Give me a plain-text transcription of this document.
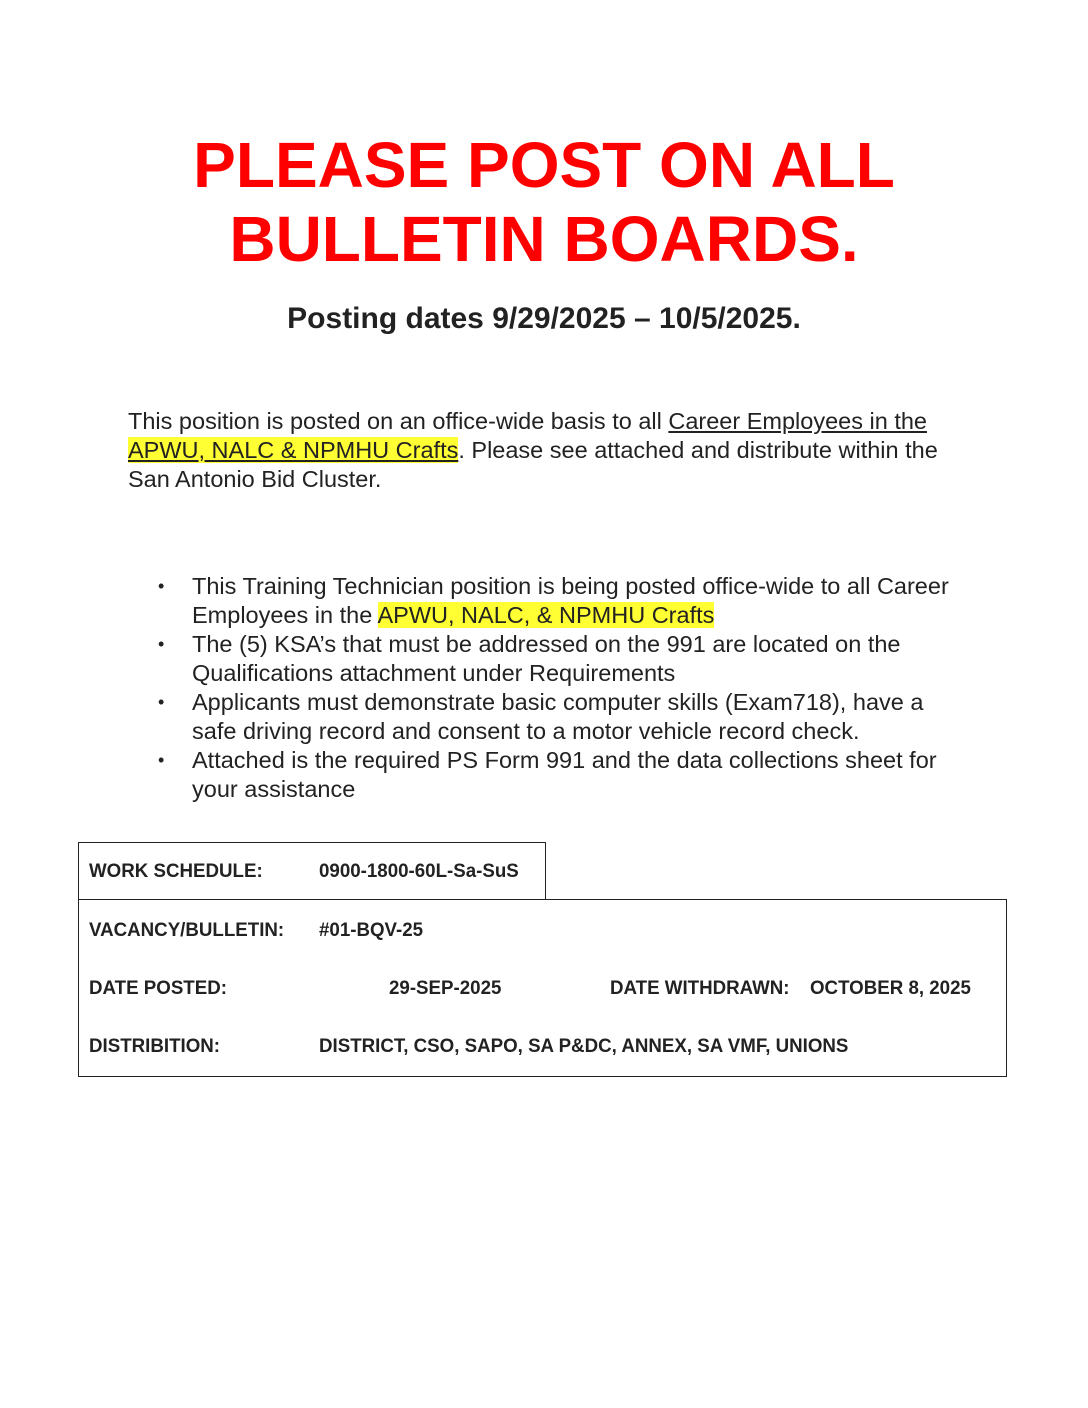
PLEASE POST ON ALL
BULLETIN BOARDS.
Posting dates 9/29/2025 – 10/5/2025.

This position is posted on an office-wide basis to all Career Employees in the APWU, NALC & NPMHU Crafts. Please see attached and distribute within the San Antonio Bid Cluster.

• This Training Technician position is being posted office-wide to all Career Employees in the APWU, NALC, & NPMHU Crafts
• The (5) KSA’s that must be addressed on the 991 are located on the Qualifications attachment under Requirements
• Applicants must demonstrate basic computer skills (Exam718), have a safe driving record and consent to a motor vehicle record check.
• Attached is the required PS Form 991 and the data collections sheet for your assistance
WORK SCHEDULE:	0900-1800-60L-Sa-SuS
VACANCY/BULLETIN: #01-BQV-25
DATE POSTED:	29-SEP-2025	DATE WITHDRAWN: OCTOBER 8, 2025
DISTRIBITION:	DISTRICT, CSO, SAPO, SA P&DC, ANNEX, SA VMF, UNIONS
